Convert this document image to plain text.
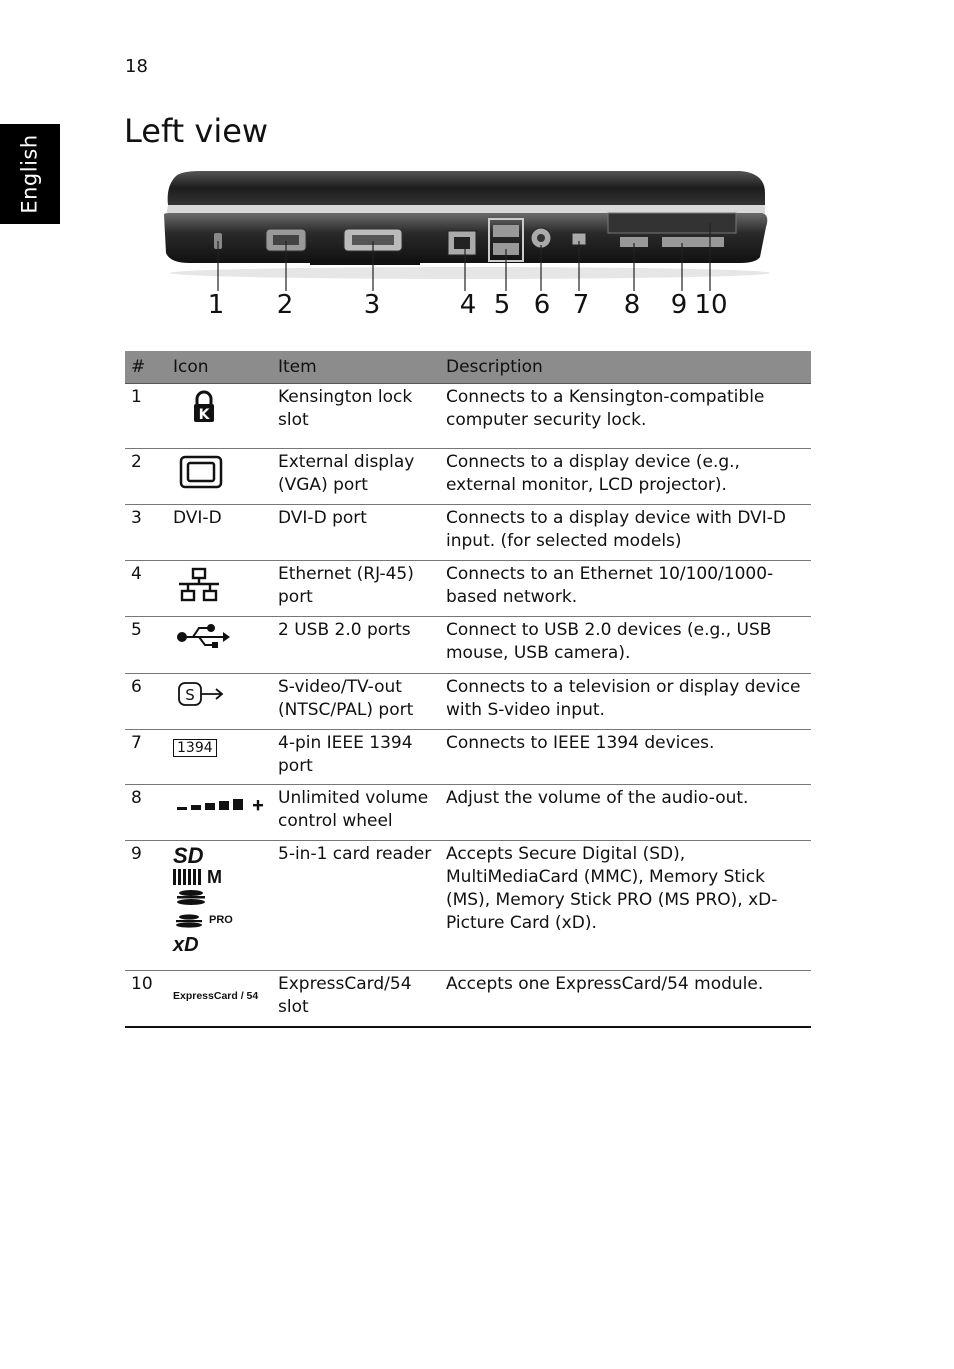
18
English
Left view
1 2	3	4 5 6 7 8 9 10
#	Icon	Item	Description
1	K	Kensington lock slot	Connects to a Kensington-compatible computer security lock.
2		External display (VGA) port	Connects to a display device (e.g., external monitor, LCD projector).
3	DVI-D	DVI-D port	Connects to a display device with DVI-D input. (for selected models)
4		Ethernet (RJ-45) port	Connects to an Ethernet 10/100/1000-based network.
5		2 USB 2.0 ports	Connect to USB 2.0 devices (e.g., USB mouse, USB camera).
6	S	S-video/TV-out (NTSC/PAL) port	Connects to a television or display device with S-video input.
7	1394	4-pin IEEE 1394 port	Connects to IEEE 1394 devices.
8		Unlimited volume control wheel	Adjust the volume of the audio-out.
9	SD
M
PRO
xD	5-in-1 card reader	Accepts Secure Digital (SD), MultiMediaCard (MMC), Memory Stick (MS), Memory Stick PRO (MS PRO), xD-Picture Card (xD).
10	ExpressCard / 54	ExpressCard/54 slot	Accepts one ExpressCard/54 module.
